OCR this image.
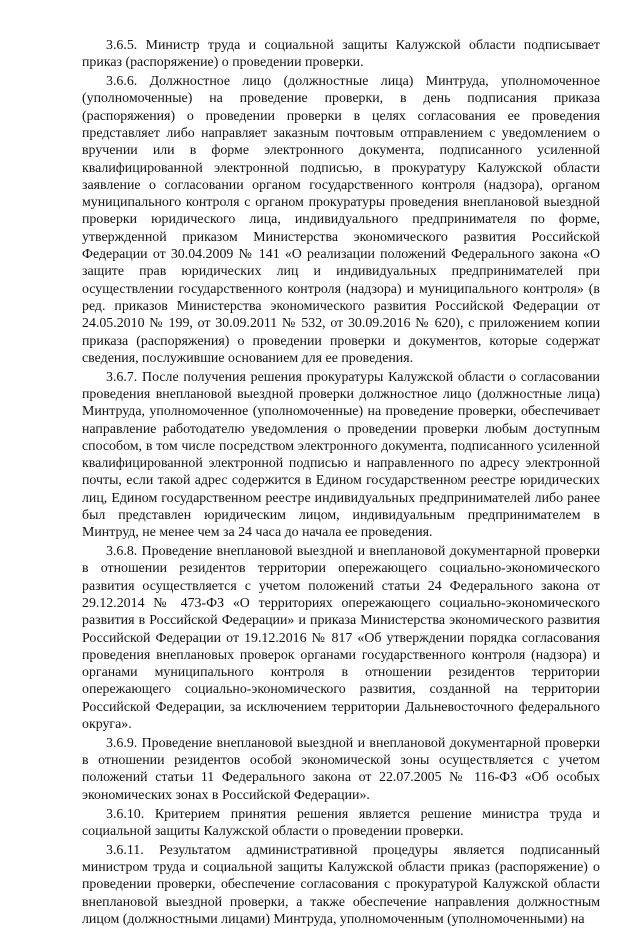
3.6.5. Министр труда и социальной защиты Калужской области подписывает приказ (распоряжение) о проведении проверки.

3.6.6. Должностное лицо (должностные лица) Минтруда, уполномоченное (уполномоченные) на проведение проверки, в день подписания приказа (распоряжения) о проведении проверки в целях согласования ее проведения представляет либо направляет заказным почтовым отправлением с уведомлением о вручении или в форме электронного документа, подписанного усиленной квалифицированной электронной подписью, в прокуратуру Калужской области заявление о согласовании органом государственного контроля (надзора), органом муниципального контроля с органом прокуратуры проведения внеплановой выездной проверки юридического лица, индивидуального предпринимателя по форме, утвержденной приказом Министерства экономического развития Российской Федерации от 30.04.2009 № 141 «О реализации положений Федерального закона «О защите прав юридических лиц и индивидуальных предпринимателей при осуществлении государственного контроля (надзора) и муниципального контроля» (в ред. приказов Министерства экономического развития Российской Федерации от 24.05.2010 № 199, от 30.09.2011 № 532, от 30.09.2016 № 620), с приложением копии приказа (распоряжения) о проведении проверки и документов, которые содержат сведения, послужившие основанием для ее проведения.

3.6.7. После получения решения прокуратуры Калужской области о согласовании проведения внеплановой выездной проверки должностное лицо (должностные лица) Минтруда, уполномоченное (уполномоченные) на проведение проверки, обеспечивает направление работодателю уведомления о проведении проверки любым доступным способом, в том числе посредством электронного документа, подписанного усиленной квалифицированной электронной подписью и направленного по адресу электронной почты, если такой адрес содержится в Едином государственном реестре юридических лиц, Едином государственном реестре индивидуальных предпринимателей либо ранее был представлен юридическим лицом, индивидуальным предпринимателем в Минтруд, не менее чем за 24 часа до начала ее проведения.

3.6.8. Проведение внеплановой выездной и внеплановой документарной проверки в отношении резидентов территории опережающего социально-экономического развития осуществляется с учетом положений статьи 24 Федерального закона от 29.12.2014 № 473-ФЗ «О территориях опережающего социально-экономического развития в Российской Федерации» и приказа Министерства экономического развития Российской Федерации от 19.12.2016 № 817 «Об утверждении порядка согласования проведения внеплановых проверок органами государственного контроля (надзора) и органами муниципального контроля в отношении резидентов территории опережающего социально-экономического развития, созданной на территории Российской Федерации, за исключением территории Дальневосточного федерального округа».

3.6.9. Проведение внеплановой выездной и внеплановой документарной проверки в отношении резидентов особой экономической зоны осуществляется с учетом положений статьи 11 Федерального закона от 22.07.2005 № 116-ФЗ «Об особых экономических зонах в Российской Федерации».

3.6.10. Критерием принятия решения является решение министра труда и социальной защиты Калужской области о проведении проверки.

3.6.11. Результатом административной процедуры является подписанный министром труда и социальной защиты Калужской области приказ (распоряжение) о проведении проверки, обеспечение согласования с прокуратурой Калужской области внеплановой выездной проверки, а также обеспечение направления должностным лицом (должностными лицами) Минтруда, уполномоченным (уполномоченными) на
